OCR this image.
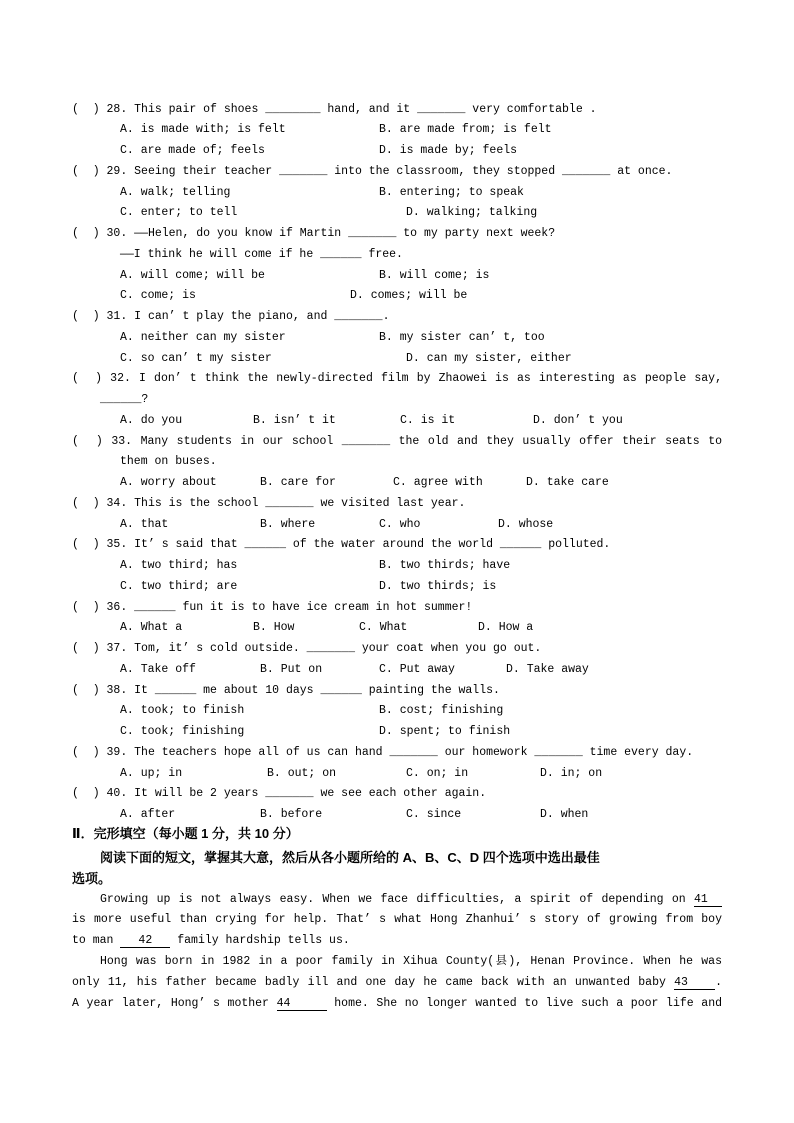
(  ) 28. This pair of shoes ________ hand, and it _______ very comfortable .
A. is made with; is felt	B. are made from; is felt
C. are made of; feels	D. is made by; feels
(  ) 29. Seeing their teacher _______ into the classroom, they stopped _______ at once.
A. walk; telling	B. entering; to speak
C. enter; to tell	D. walking; talking
(  ) 30. ——Helen, do you know if Martin _______ to my party next week?
——I think he will come if he ______ free.
A. will come; will be	B. will come; is
C. come; is	D. comes; will be
(  ) 31. I can’ t play the piano, and _______.
A. neither can my sister	B. my sister can’ t, too
C. so can’ t my sister	D. can my sister, either
(  ) 32. I don’ t think the newly-directed film by Zhaowei is as interesting as people say,
______?
A. do you	B. isn’ t it	C. is it	D. don’ t you
(  ) 33. Many students in our school _______ the old and they usually offer their seats to
them on buses.
A. worry about	B. care for	C. agree with	D. take care
(  ) 34. This is the school _______ we visited last year.
A. that	B. where	C. who	D. whose
(  ) 35. It’ s said that ______ of the water around the world ______ polluted.
A. two third; has	B. two thirds; have
C. two third; are	D. two thirds; is
(  ) 36. ______ fun it is to have ice cream in hot summer!
A. What a	B. How	C. What	D. How a
(  ) 37. Tom, it’ s cold outside. _______ your coat when you go out.
A. Take off	B. Put on	C. Put away	D. Take away
(  ) 38. It ______ me about 10 days ______ painting the walls.
A. took; to finish	B. cost; finishing
C. took; finishing	D. spent; to finish
(  ) 39. The teachers hope all of us can hand _______ our homework _______ time every day.
A. up; in	B. out; on	C. on; in	D. in; on
(  ) 40. It will be 2 years _______ we see each other again.
A. after	B. before	C. since	D. when
Ⅱ．完形填空（每小题 1 分，共 10 分）
阅读下面的短文，掌握其大意，然后从各小题所给的 A、B、C、D 四个选项中选出最佳
选项。
Growing up is not always easy. When we face difficulties, a spirit of depending on 41
is more useful than crying for help. That’ s what Hong Zhanhui’ s story of growing from boy
to man 42 family hardship tells us.
Hong was born in 1982 in a poor family in Xihua County(县), Henan Province. When he was
only 11, his father became badly ill and one day he came back with an unwanted baby 43 .
A year later, Hong’ s mother 44	home. She no longer wanted to live such a poor life and
